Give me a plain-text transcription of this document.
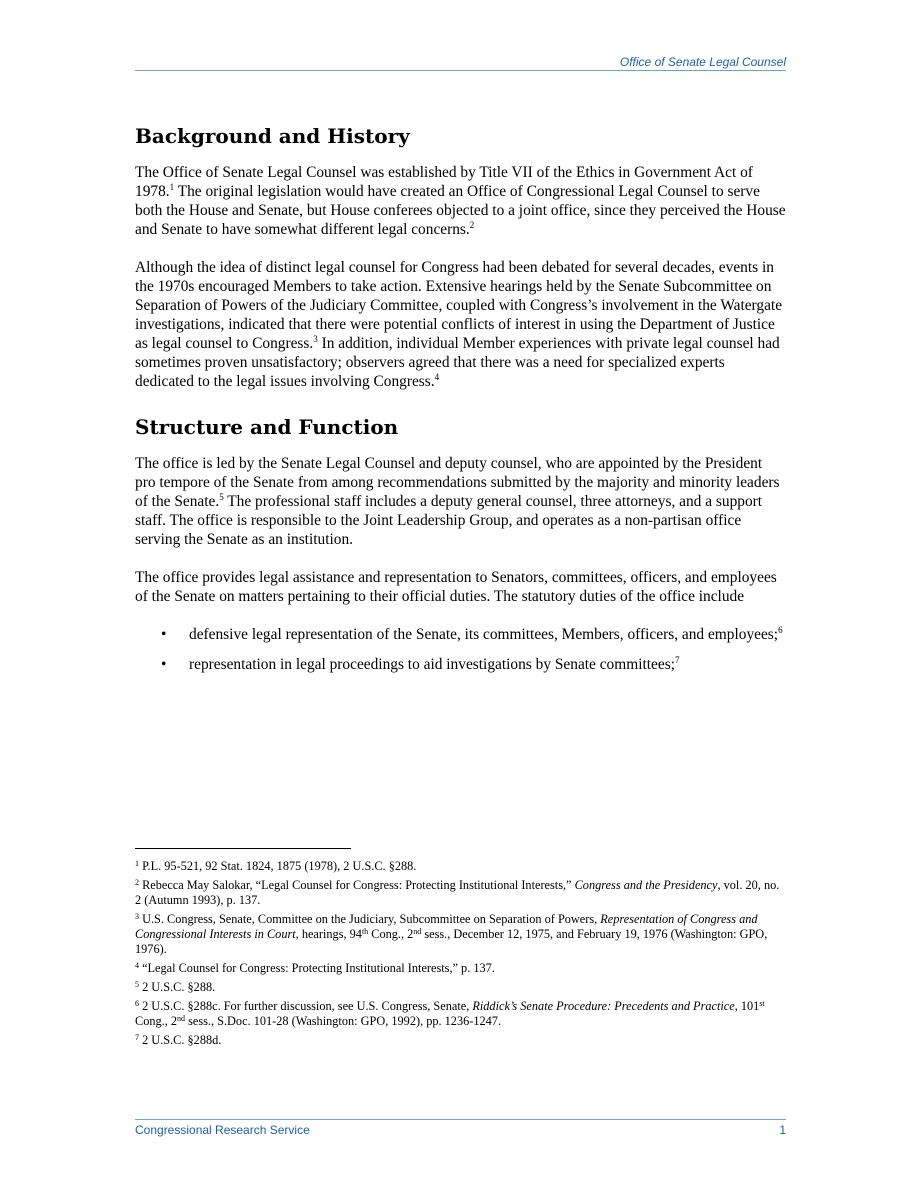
Office of Senate Legal Counsel
Background and History

The Office of Senate Legal Counsel was established by Title VII of the Ethics in Government Act of 1978.$^1$ The original legislation would have created an Office of Congressional Legal Counsel to serve both the House and Senate, but House conferees objected to a joint office, since they perceived the House and Senate to have somewhat different legal concerns.$^2$

Although the idea of distinct legal counsel for Congress had been debated for several decades, events in the 1970s encouraged Members to take action. Extensive hearings held by the Senate Subcommittee on Separation of Powers of the Judiciary Committee, coupled with Congress’s involvement in the Watergate investigations, indicated that there were potential conflicts of interest in using the Department of Justice as legal counsel to Congress.$^3$ In addition, individual Member experiences with private legal counsel had sometimes proven unsatisfactory; observers agreed that there was a need for specialized experts dedicated to the legal issues involving Congress.$^4$

Structure and Function

The office is led by the Senate Legal Counsel and deputy counsel, who are appointed by the President pro tempore of the Senate from among recommendations submitted by the majority and minority leaders of the Senate.$^5$ The professional staff includes a deputy general counsel, three attorneys, and a support staff. The office is responsible to the Joint Leadership Group, and operates as a non-partisan office serving the Senate as an institution.

The office provides legal assistance and representation to Senators, committees, officers, and employees of the Senate on matters pertaining to their official duties. The statutory duties of the office include

• defensive legal representation of the Senate, its committees, Members, officers, and employees;$^6$
• representation in legal proceedings to aid investigations by Senate committees;$^7$
$^1$ P.L. 95-521, 92 Stat. 1824, 1875 (1978), 2 U.S.C. §288.
$^2$ Rebecca May Salokar, “Legal Counsel for Congress: Protecting Institutional Interests,” Congress and the Presidency, vol. 20, no. 2 (Autumn 1993), p. 137.
$^3$ U.S. Congress, Senate, Committee on the Judiciary, Subcommittee on Separation of Powers, Representation of Congress and Congressional Interests in Court, hearings, 94th Cong., 2nd sess., December 12, 1975, and February 19, 1976 (Washington: GPO, 1976).
$^4$ “Legal Counsel for Congress: Protecting Institutional Interests,” p. 137.
$^5$ 2 U.S.C. §288.
$^6$ 2 U.S.C. §288c. For further discussion, see U.S. Congress, Senate, Riddick’s Senate Procedure: Precedents and Practice, 101st Cong., 2nd sess., S.Doc. 101-28 (Washington: GPO, 1992), pp. 1236-1247.
$^7$ 2 U.S.C. §288d.
Congressional Research Service	1
